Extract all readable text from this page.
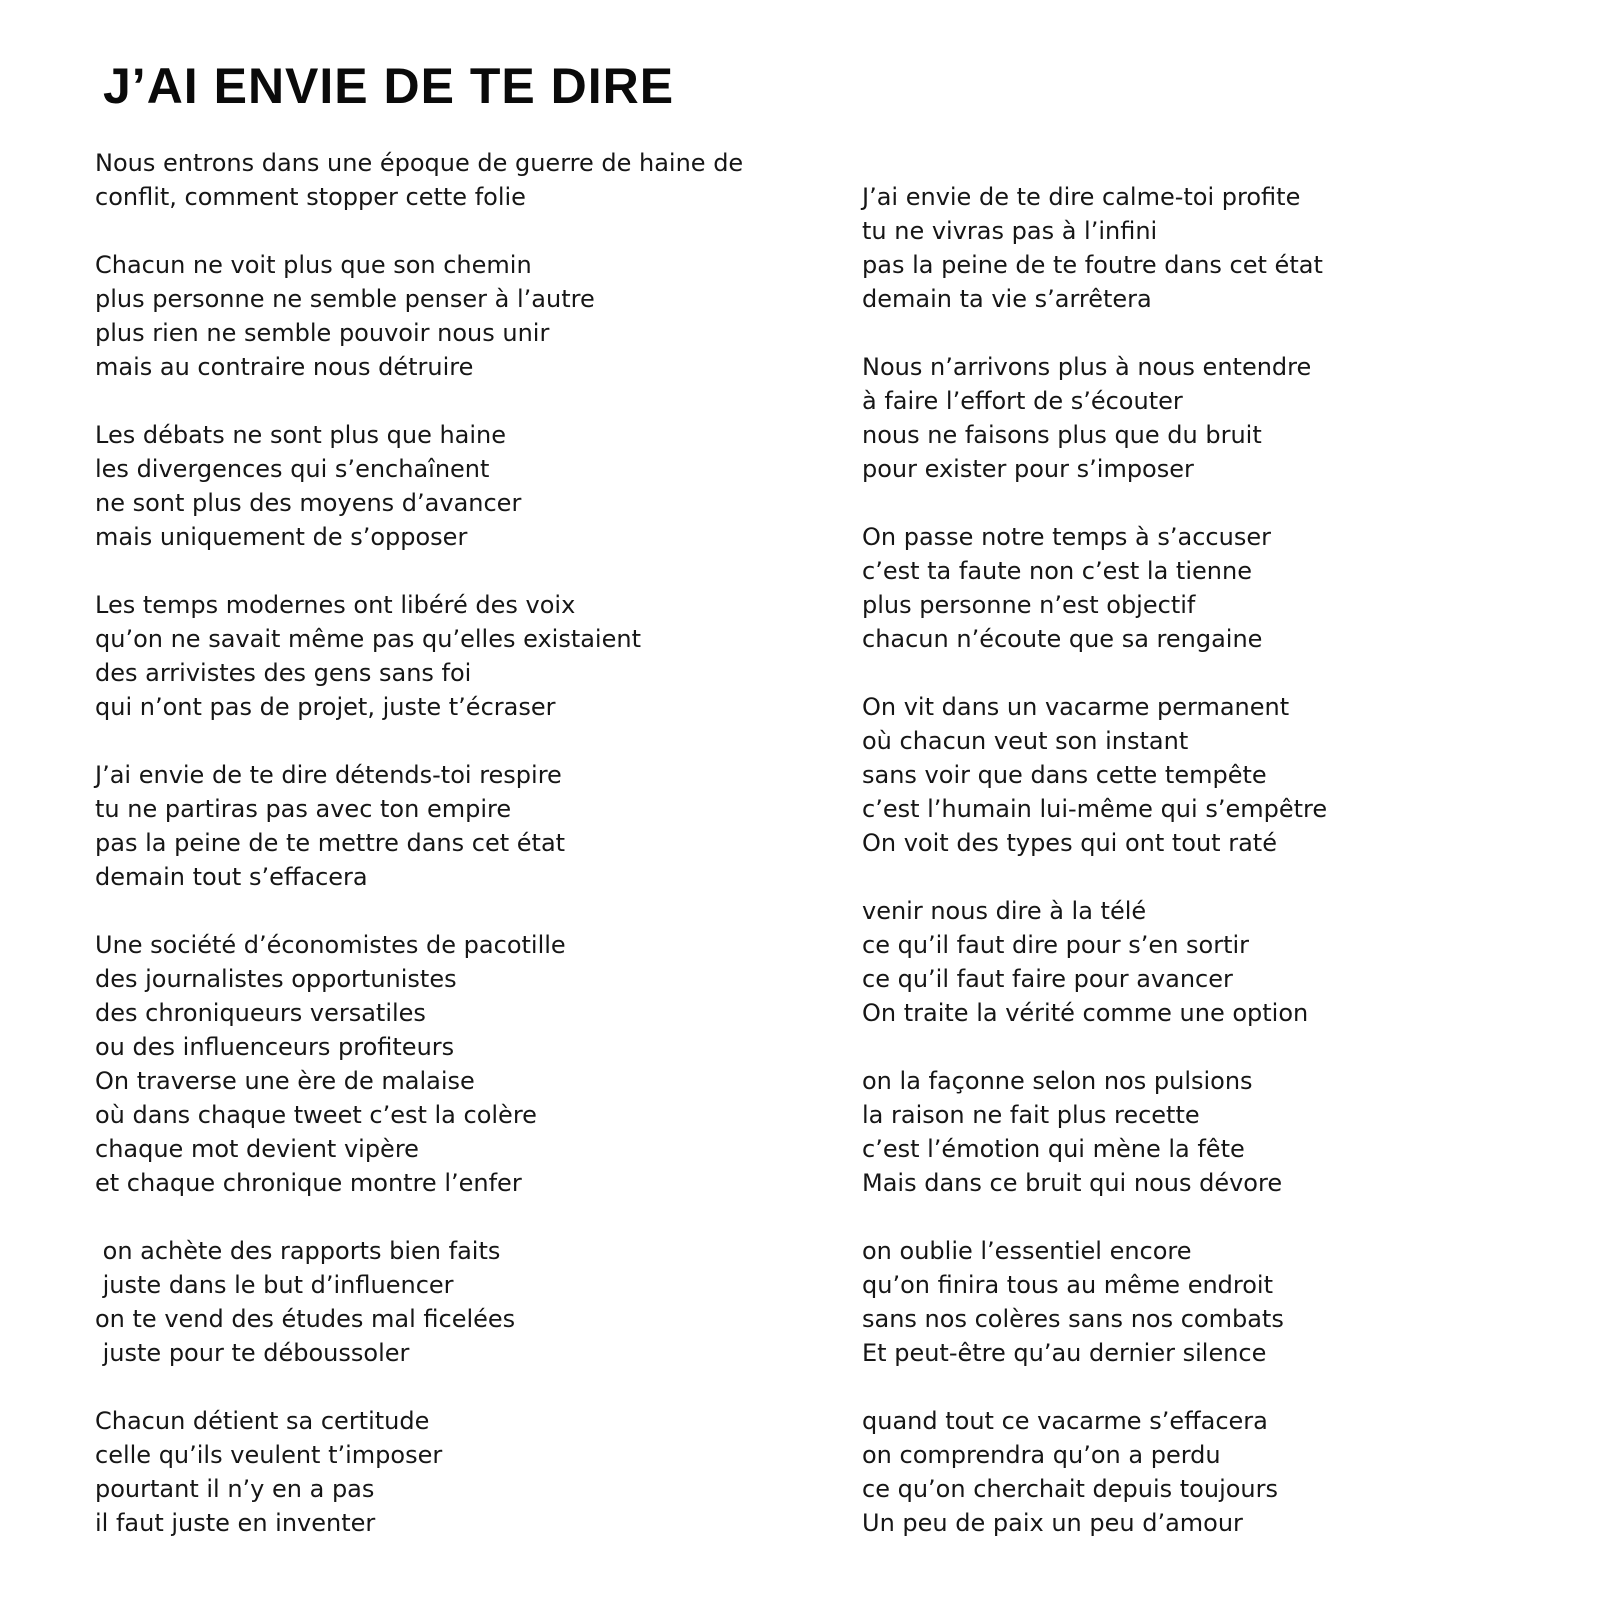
J’AI ENVIE DE TE DIRE
Nous entrons dans une époque de guerre de haine de
conflit, comment stopper cette folie
Chacun ne voit plus que son chemin
plus personne ne semble penser à l’autre
plus rien ne semble pouvoir nous unir
mais au contraire nous détruire
Les débats ne sont plus que haine
les divergences qui s’enchaînent
ne sont plus des moyens d’avancer
mais uniquement de s’opposer
Les temps modernes ont libéré des voix
qu’on ne savait même pas qu’elles existaient
des arrivistes des gens sans foi
qui n’ont pas de projet, juste t’écraser
J’ai envie de te dire détends-toi respire
tu ne partiras pas avec ton empire
pas la peine de te mettre dans cet état
demain tout s’effacera
Une société d’économistes de pacotille
des journalistes opportunistes
des chroniqueurs versatiles
ou des influenceurs profiteurs
On traverse une ère de malaise
où dans chaque tweet c’est la colère
chaque mot devient vipère
et chaque chronique montre l’enfer
on achète des rapports bien faits
juste dans le but d’influencer
on te vend des études mal ficelées
juste pour te déboussoler
Chacun détient sa certitude
celle qu’ils veulent t’imposer
pourtant il n’y en a pas
il faut juste en inventer
J’ai envie de te dire calme-toi profite
tu ne vivras pas à l’infini
pas la peine de te foutre dans cet état
demain ta vie s’arrêtera
Nous n’arrivons plus à nous entendre
à faire l’effort de s’écouter
nous ne faisons plus que du bruit
pour exister pour s’imposer
On passe notre temps à s’accuser
c’est ta faute non c’est la tienne
plus personne n’est objectif
chacun n’écoute que sa rengaine
On vit dans un vacarme permanent
où chacun veut son instant
sans voir que dans cette tempête
c’est l’humain lui-même qui s’empêtre
On voit des types qui ont tout raté
venir nous dire à la télé
ce qu’il faut dire pour s’en sortir
ce qu’il faut faire pour avancer
On traite la vérité comme une option
on la façonne selon nos pulsions
la raison ne fait plus recette
c’est l’émotion qui mène la fête
Mais dans ce bruit qui nous dévore
on oublie l’essentiel encore
qu’on finira tous au même endroit
sans nos colères sans nos combats
Et peut-être qu’au dernier silence
quand tout ce vacarme s’effacera
on comprendra qu’on a perdu
ce qu’on cherchait depuis toujours
Un peu de paix un peu d’amour
